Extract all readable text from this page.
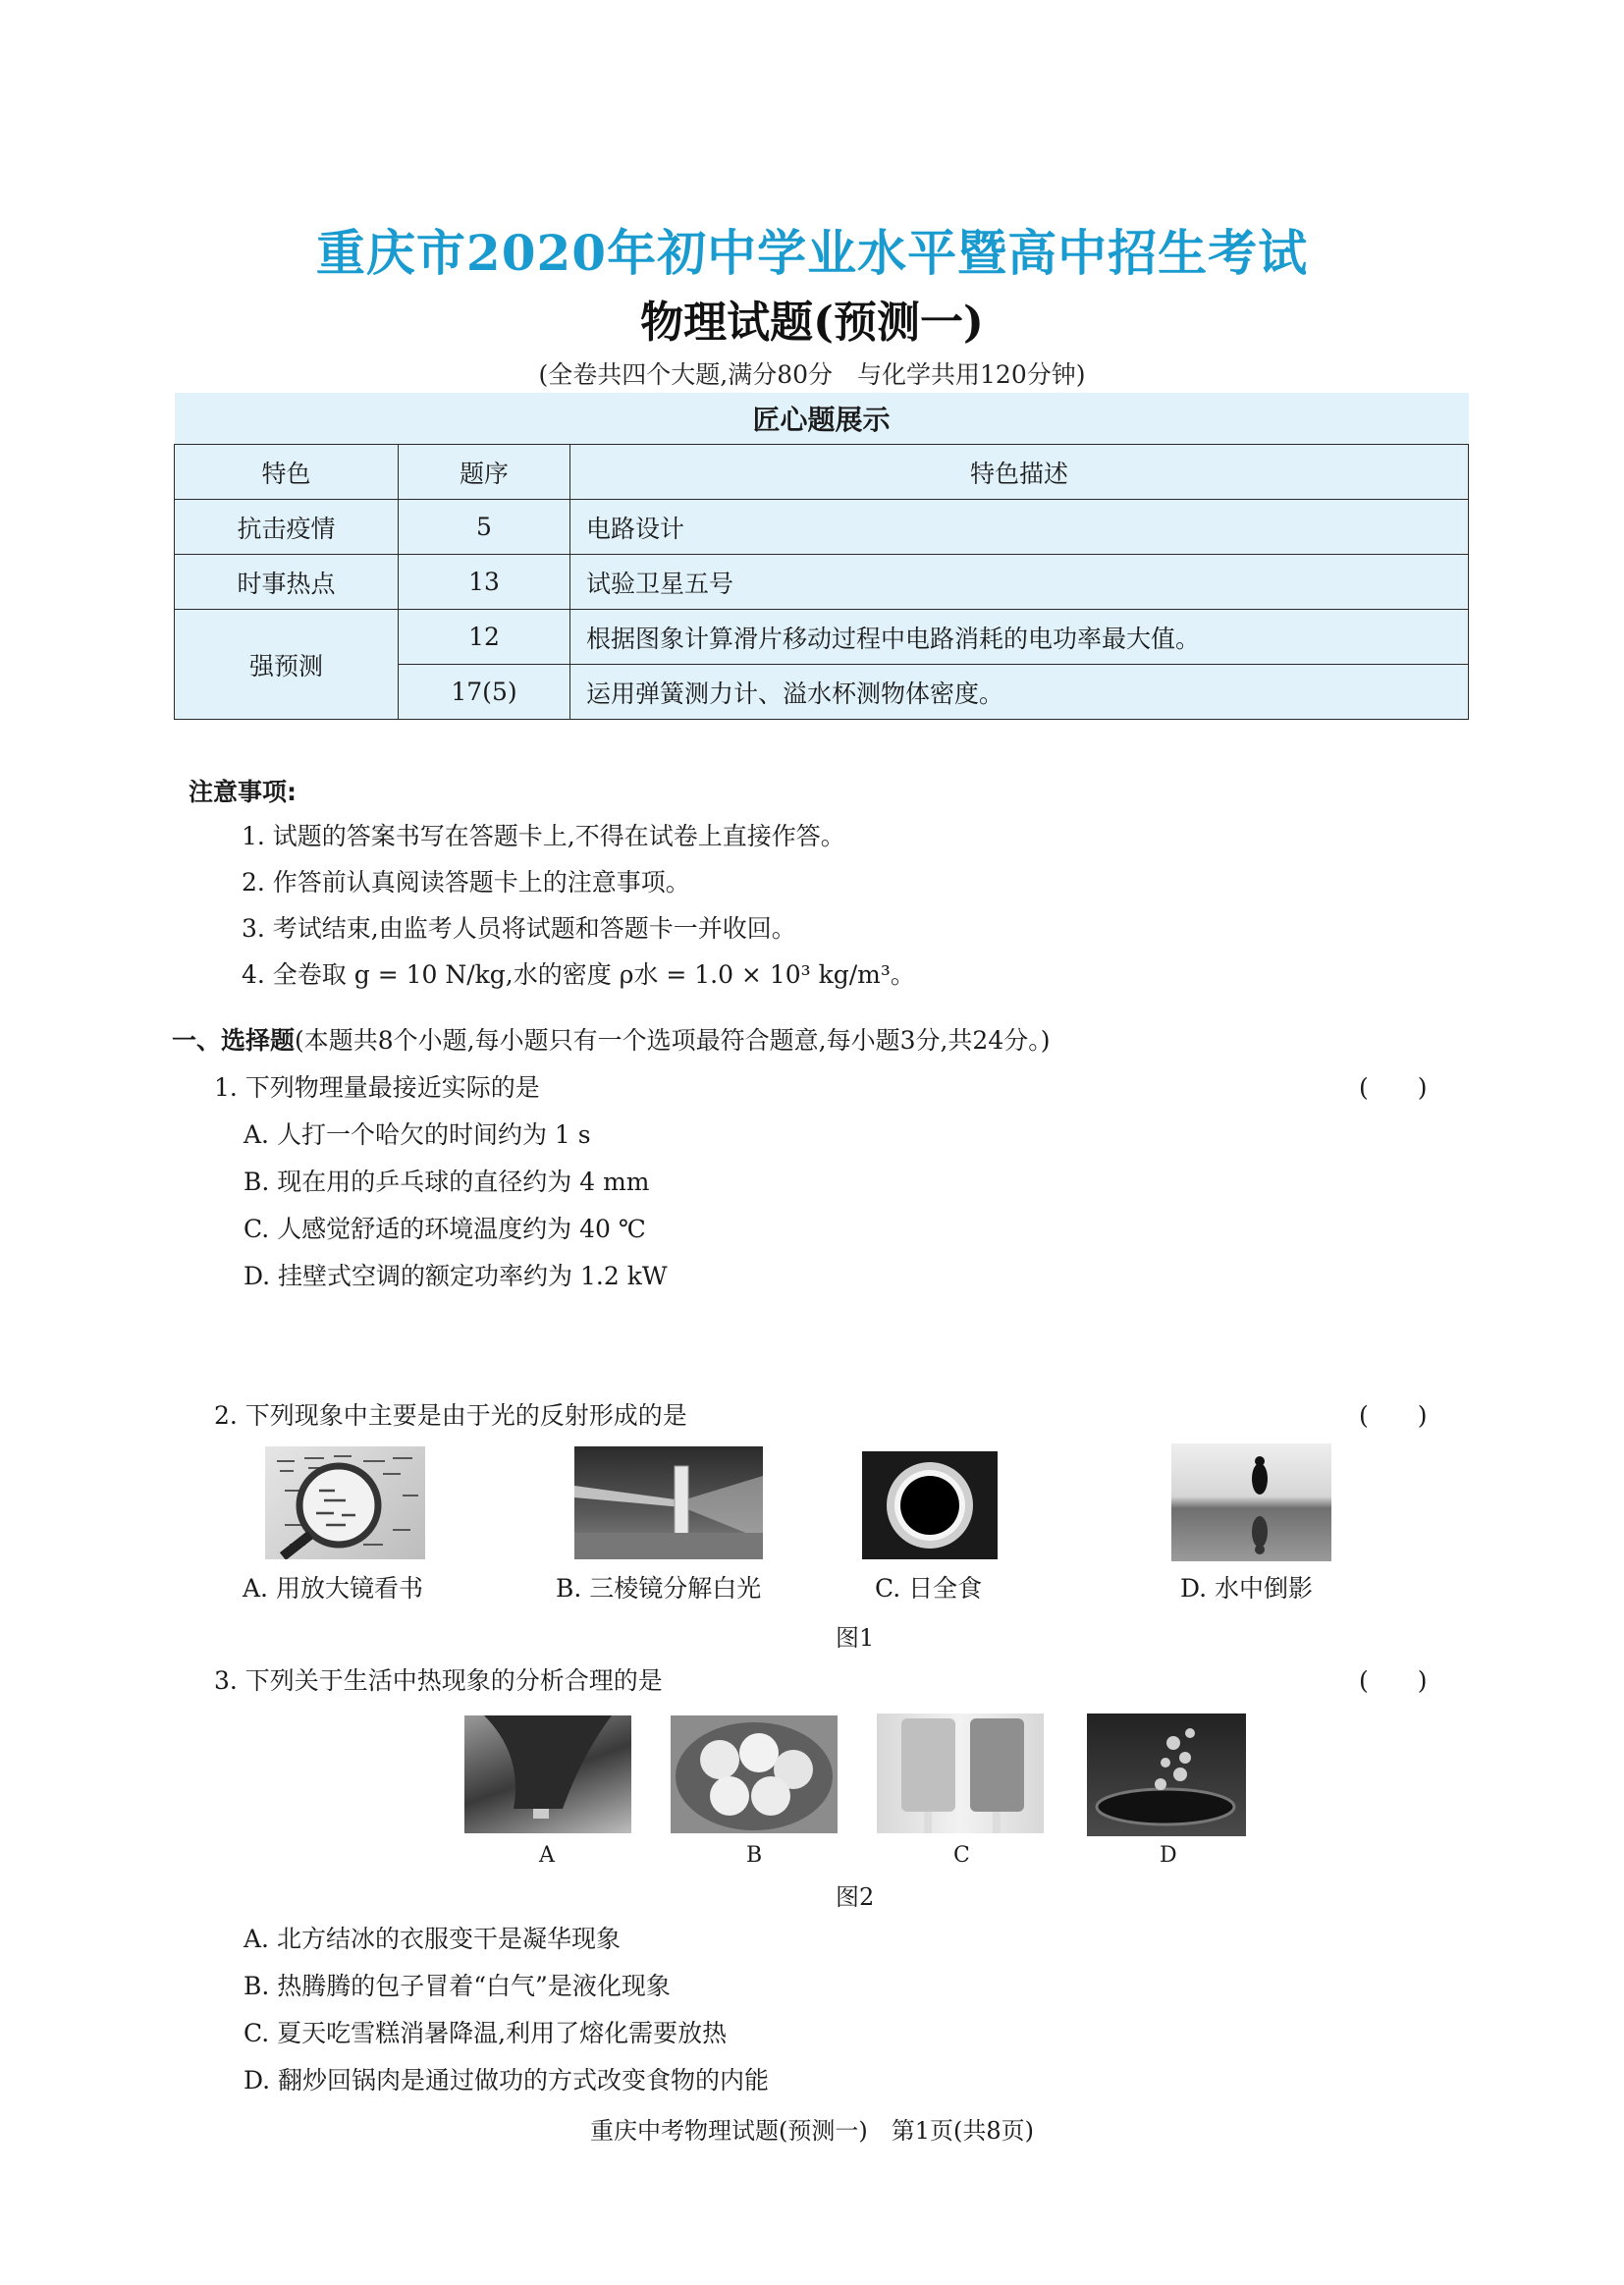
重庆市2020年初中学业水平暨高中招生考试
物理试题(预测一)
(全卷共四个大题,满分80分　与化学共用120分钟)
匠心题展示		
特色	题序	特色描述
抗击疫情	5	电路设计
时事热点	13	试验卫星五号
强预测	12	根据图象计算滑片移动过程中电路消耗的电功率最大值。
	17(5)	运用弹簧测力计、溢水杯测物体密度。
注意事项:
1. 试题的答案书写在答题卡上,不得在试卷上直接作答。
2. 作答前认真阅读答题卡上的注意事项。
3. 考试结束,由监考人员将试题和答题卡一并收回。
4. 全卷取 g = 10 N/kg,水的密度 ρ水 = 1.0 × 10³ kg/m³。
一、选择题(本题共8个小题,每小题只有一个选项最符合题意,每小题3分,共24分。)
1. 下列物理量最接近实际的是	(　　)
A. 人打一个哈欠的时间约为 1 s
B. 现在用的乒乓球的直径约为 4 mm
C. 人感觉舒适的环境温度约为 40 ℃
D. 挂壁式空调的额定功率约为 1.2 kW
2. 下列现象中主要是由于光的反射形成的是	(　　)
A. 用放大镜看书	B. 三棱镜分解白光	C. 日全食	D. 水中倒影
图1
3. 下列关于生活中热现象的分析合理的是	(　　)
A	B	C	D
图2
A. 北方结冰的衣服变干是凝华现象
B. 热腾腾的包子冒着“白气”是液化现象
C. 夏天吃雪糕消暑降温,利用了熔化需要放热
D. 翻炒回锅肉是通过做功的方式改变食物的内能
重庆中考物理试题(预测一)　第1页(共8页)
